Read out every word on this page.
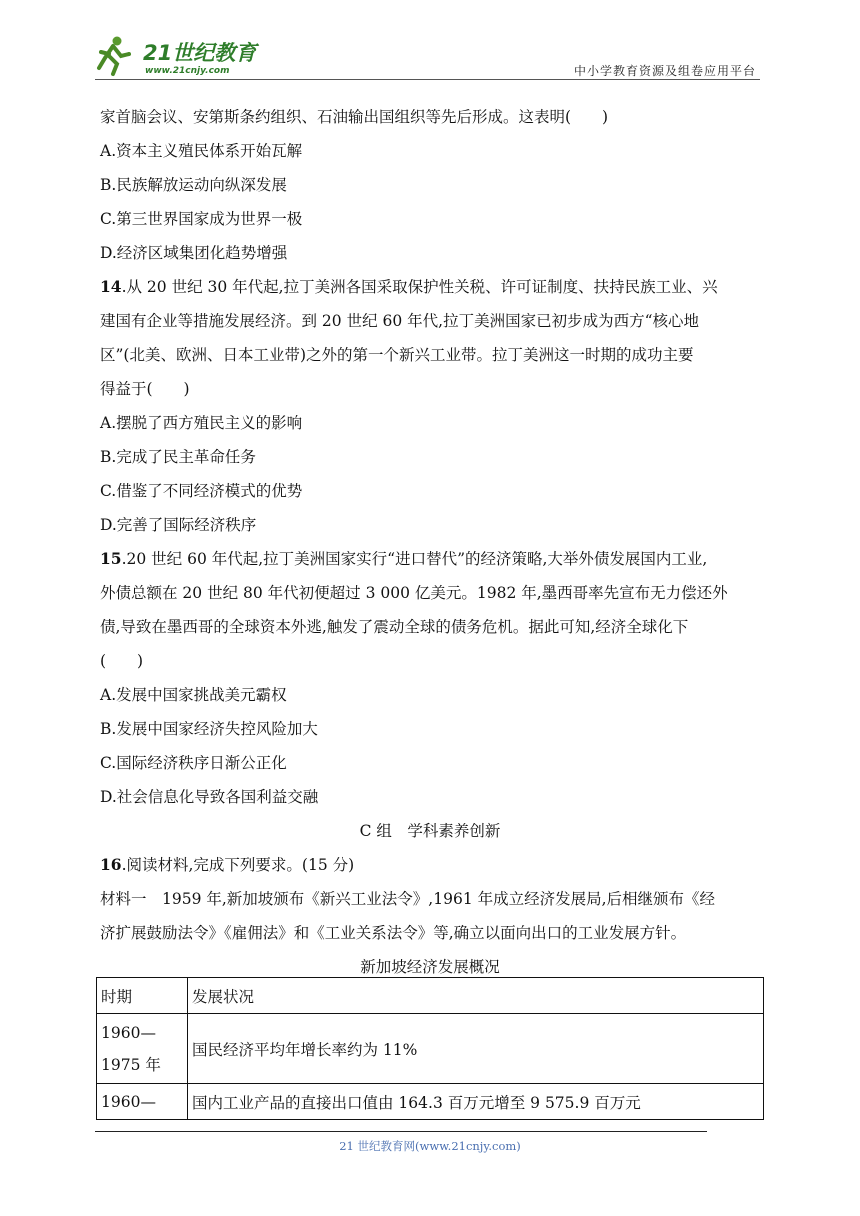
21世纪教育
www.21cnjy.com	中小学教育资源及组卷应用平台
家首脑会议、安第斯条约组织、石油输出国组织等先后形成。这表明(　　)
A.资本主义殖民体系开始瓦解
B.民族解放运动向纵深发展
C.第三世界国家成为世界一极
D.经济区域集团化趋势增强
14.从 20 世纪 30 年代起,拉丁美洲各国采取保护性关税、许可证制度、扶持民族工业、兴
建国有企业等措施发展经济。到 20 世纪 60 年代,拉丁美洲国家已初步成为西方“核心地
区”(北美、欧洲、日本工业带)之外的第一个新兴工业带。拉丁美洲这一时期的成功主要
得益于(　　)
A.摆脱了西方殖民主义的影响
B.完成了民主革命任务
C.借鉴了不同经济模式的优势
D.完善了国际经济秩序
15.20 世纪 60 年代起,拉丁美洲国家实行“进口替代”的经济策略,大举外债发展国内工业,
外债总额在 20 世纪 80 年代初便超过 3 000 亿美元。1982 年,墨西哥率先宣布无力偿还外
债,导致在墨西哥的全球资本外逃,触发了震动全球的债务危机。据此可知,经济全球化下
(　　)
A.发展中国家挑战美元霸权
B.发展中国家经济失控风险加大
C.国际经济秩序日渐公正化
D.社会信息化导致各国利益交融
C 组　学科素养创新
16.阅读材料,完成下列要求。(15 分)
材料一　1959 年,新加坡颁布《新兴工业法令》,1961 年成立经济发展局,后相继颁布《经
济扩展鼓励法令》《雇佣法》和《工业关系法令》等,确立以面向出口的工业发展方针。
新加坡经济发展概况
时期	发展状况
1960—
1975 年	国民经济平均年增长率约为 11%
1960—	国内工业产品的直接出口值由 164.3 百万元增至 9 575.9 百万元
21 世纪教育网(www.21cnjy.com)
